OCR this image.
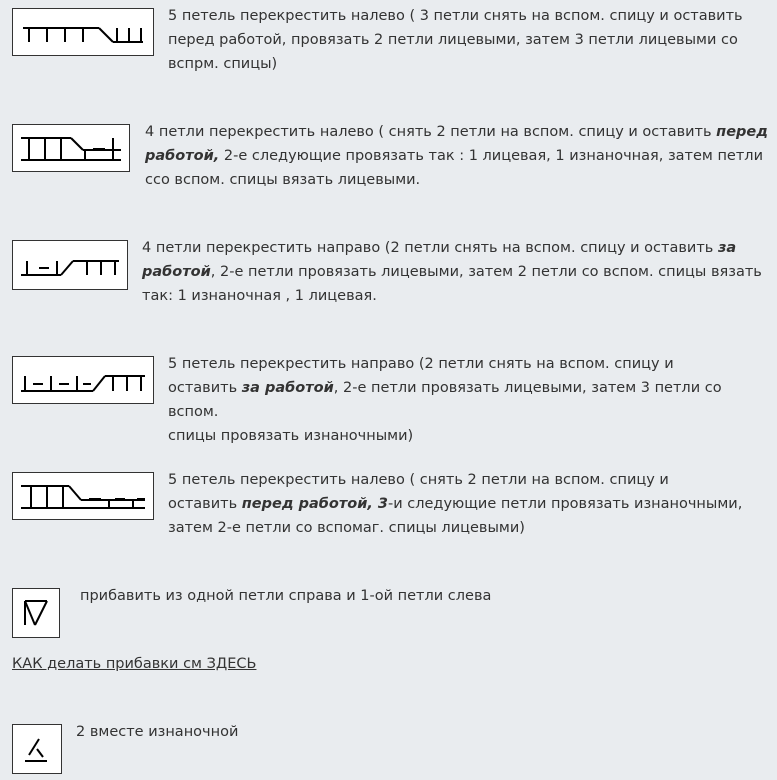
5 петель перекрестить налево ( 3 петли снять на вспом. спицу и оставить
перед работой, провязать 2 петли лицевыми, затем 3 петли лицевыми со
вспрм. спицы)

4 петли перекрестить налево ( снять 2 петли на вспом. спицу и оставить перед
работой, 2-е следующие провязать так : 1 лицевая, 1 изнаночная, затем петли
ссо вспом. спицы вязать лицевыми.

4 петли перекрестить направо (2 петли снять на вспом. спицу и оставить за
работой, 2-е петли провязать лицевыми, затем 2 петли со вспом. спицы вязать
так: 1 изнаночная , 1 лицевая.

5 петель перекрестить направо (2 петли снять на вспом. спицу и
оставить за работой, 2-е петли провязать лицевыми, затем 3 петли со вспом.
спицы провязать изнаночными)

5 петель перекрестить налево ( снять 2 петли на вспом. спицу и
оставить перед работой, 3-и следующие петли провязать изнаночными,
затем 2-е петли со вспомаг. спицы лицевыми)

прибавить из одной петли справа и 1-ой петли слева

КАК делать прибавки см ЗДЕСЬ

2 вместе изнаночной
